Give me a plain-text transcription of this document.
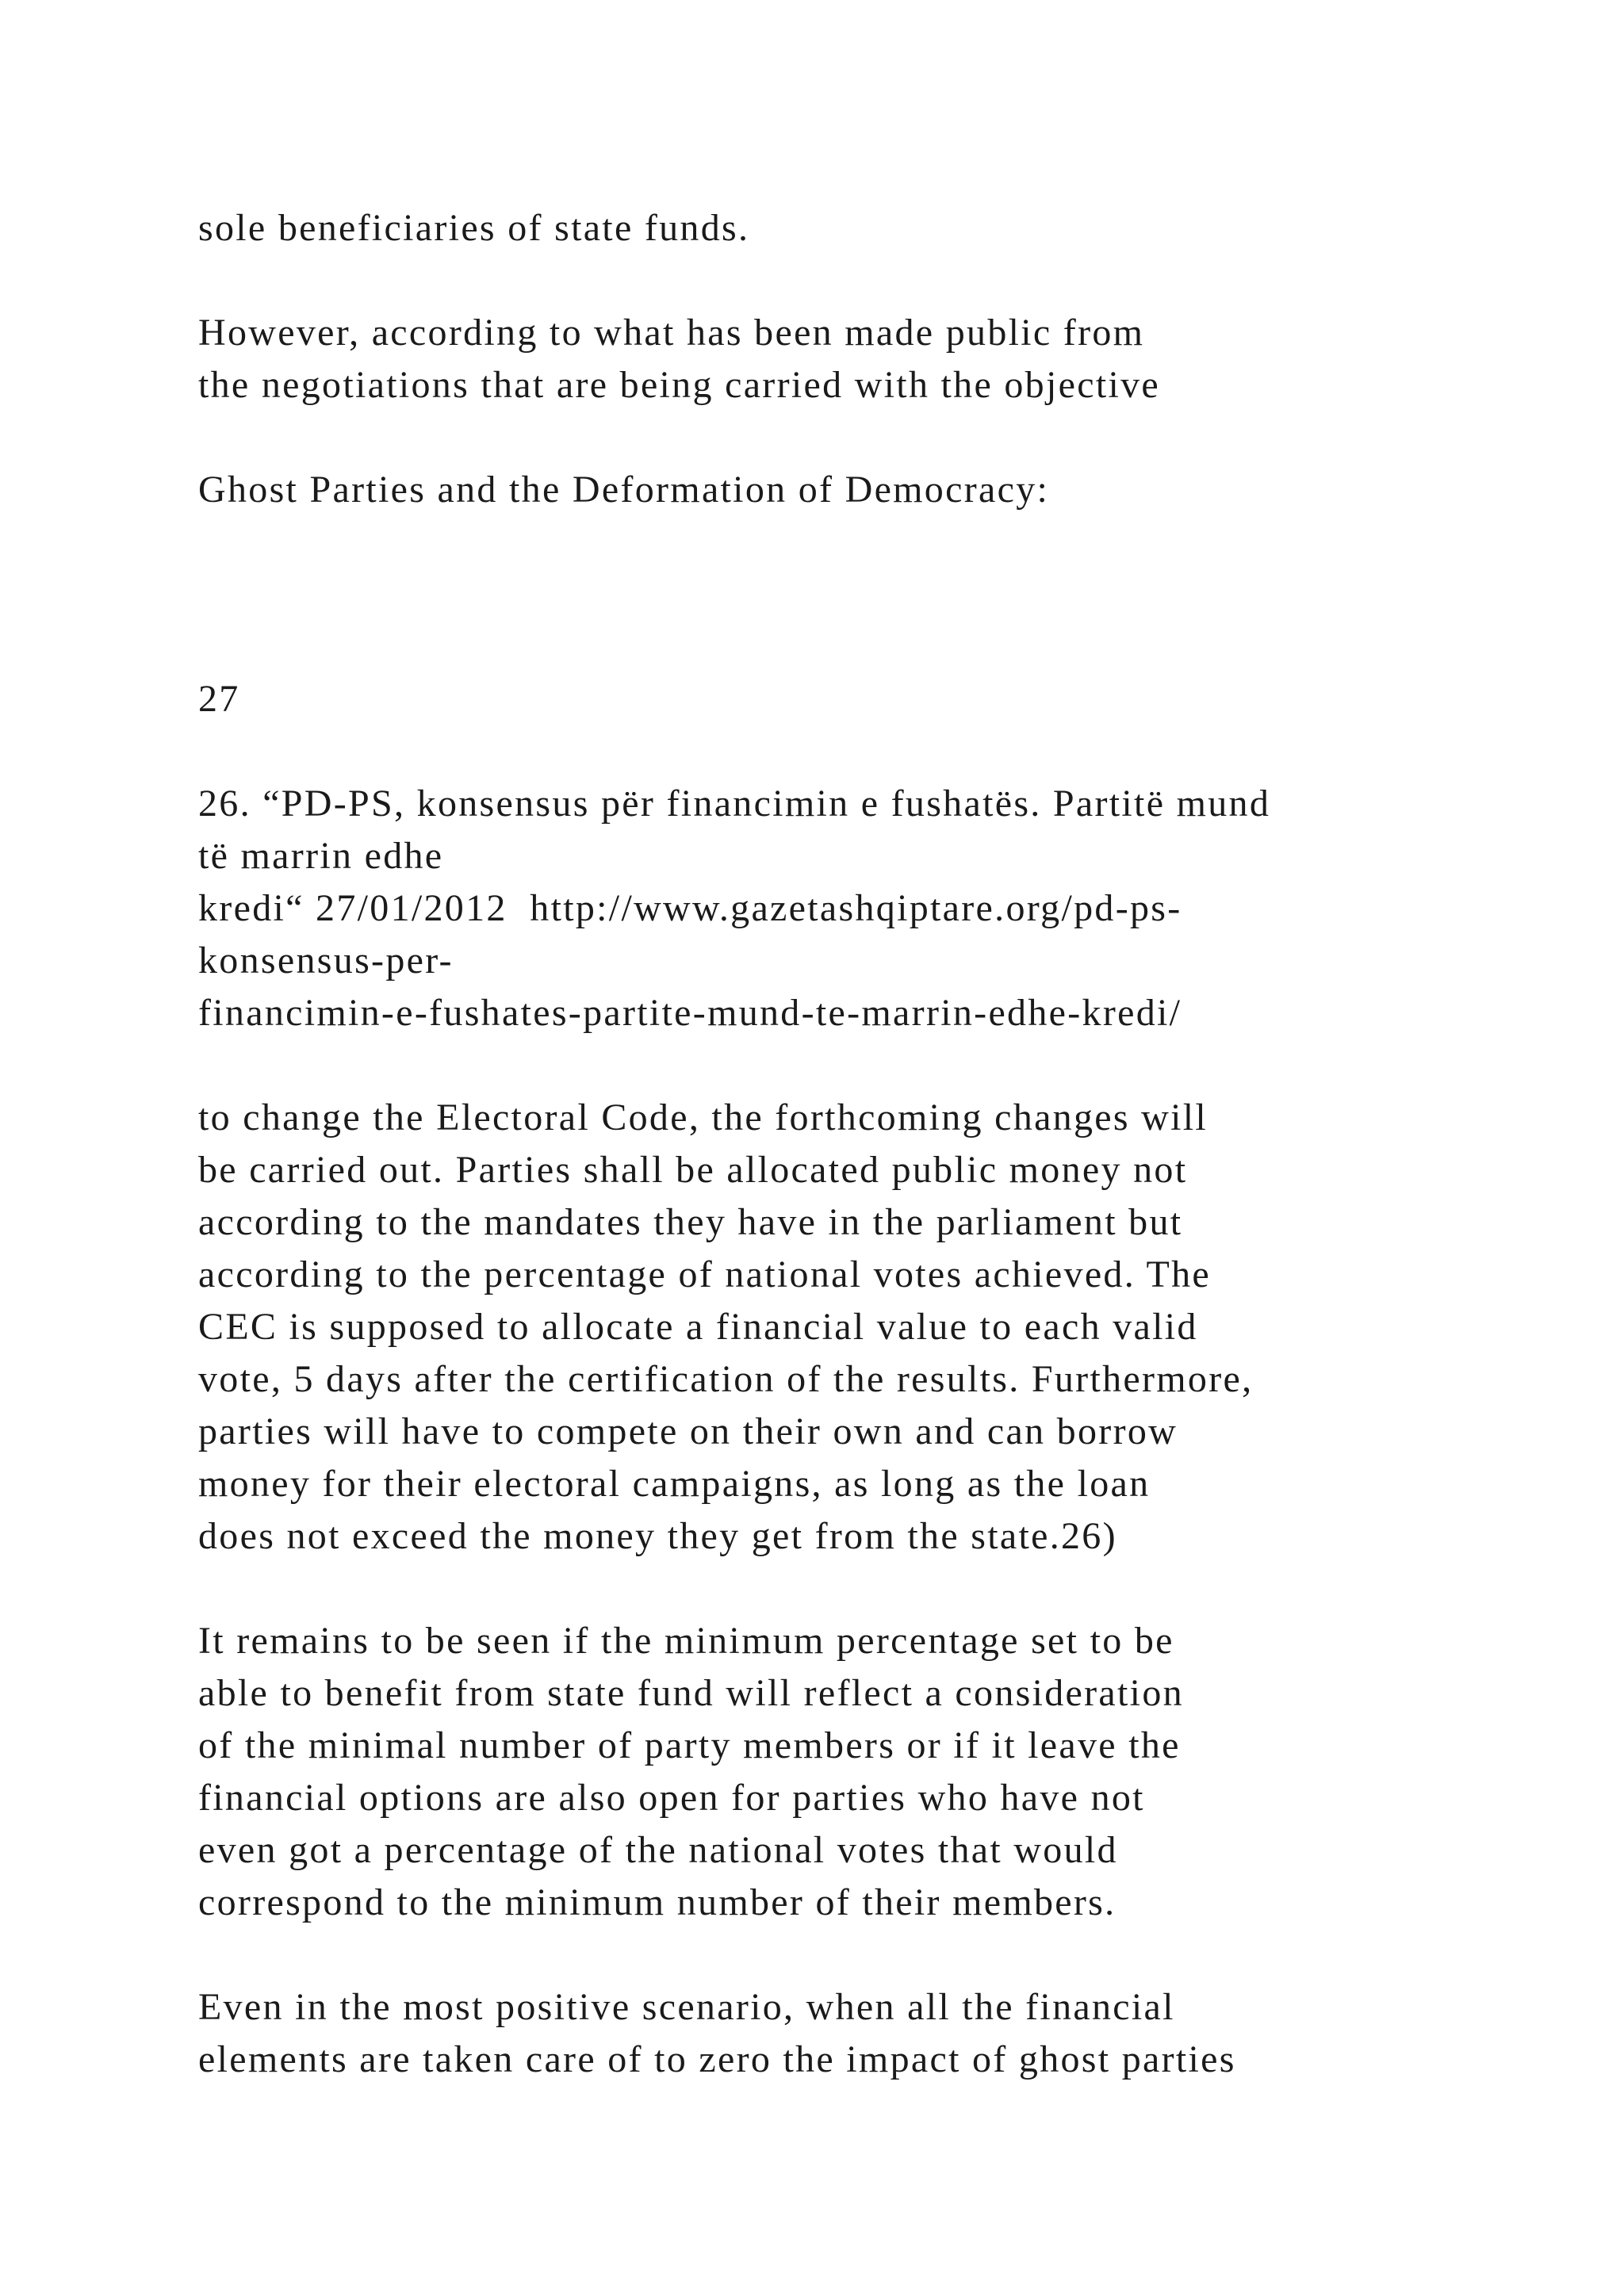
sole beneficiaries of state funds.

However, according to what has been made public from

the negotiations that are being carried with the objective

Ghost Parties and the Deformation of Democracy:

27

26. “PD-PS, konsensus për financimin e fushatës. Partitë mund

të marrin edhe

kredi“ 27/01/2012  http://www.gazetashqiptare.org/pd-ps-

konsensus-per-

financimin-e-fushates-partite-mund-te-marrin-edhe-kredi/

to change the Electoral Code, the forthcoming changes will

be carried out. Parties shall be allocated public money not

according to the mandates they have in the parliament but

according to the percentage of national votes achieved. The

CEC is supposed to allocate a financial value to each valid

vote, 5 days after the certification of the results. Furthermore,

parties will have to compete on their own and can borrow

money for their electoral campaigns, as long as the loan

does not exceed the money they get from the state.26)

It remains to be seen if the minimum percentage set to be

able to benefit from state fund will reflect a consideration

of the minimal number of party members or if it leave the

financial options are also open for parties who have not

even got a percentage of the national votes that would

correspond to the minimum number of their members.

Even in the most positive scenario, when all the financial

elements are taken care of to zero the impact of ghost parties
